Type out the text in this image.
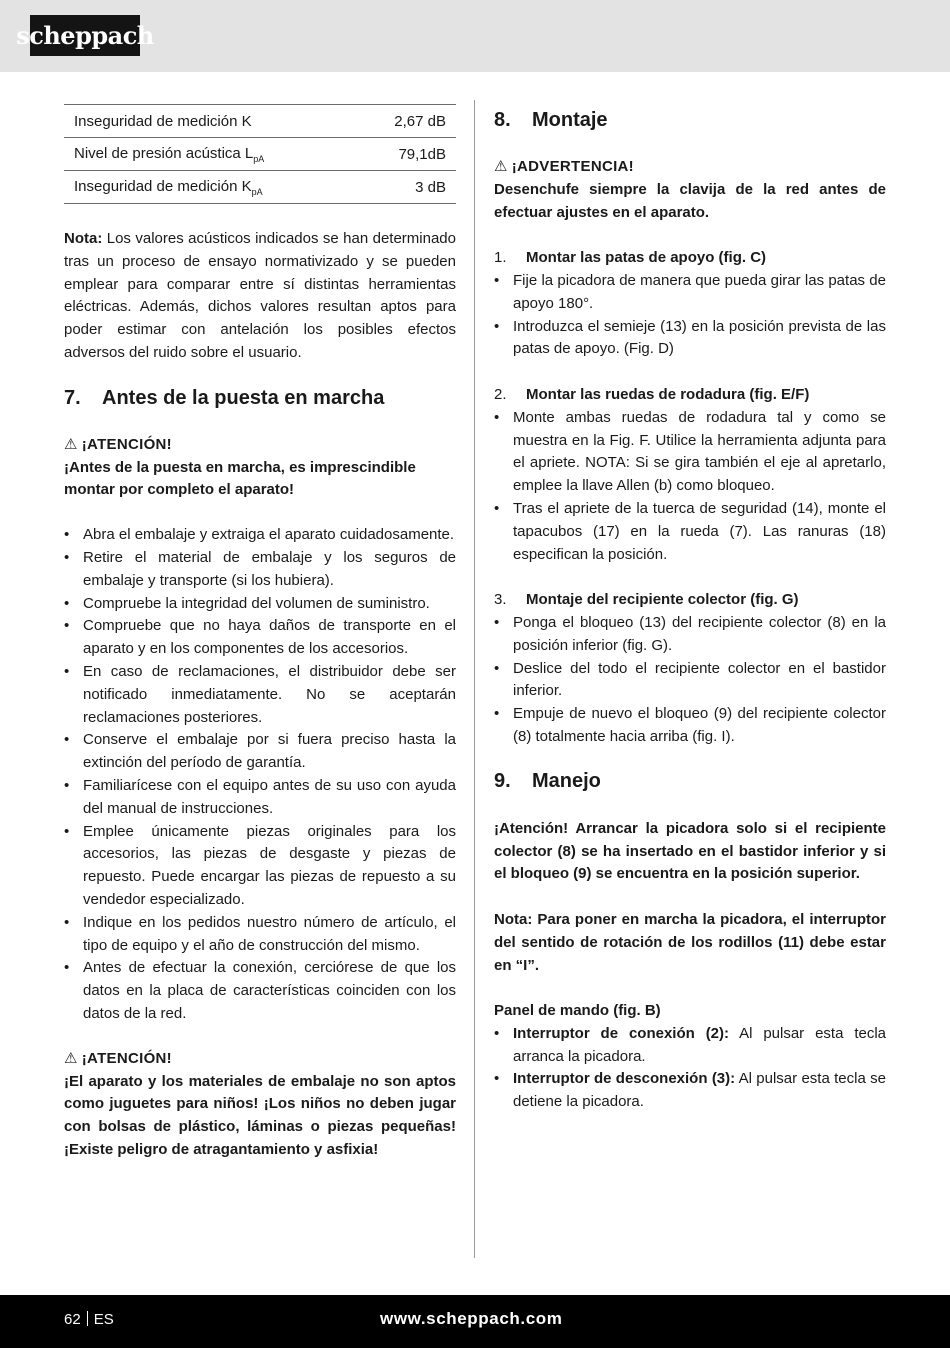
scheppach
Inseguridad de medición K	2,67 dB
Nivel de presión acústica $L_{pA}$	79,1dB
Inseguridad de medición $K_{pA}$	3 dB

Nota: Los valores acústicos indicados se han determinado tras un proceso de ensayo normativizado y se pueden emplear para comparar entre sí distintas herramientas eléctricas. Además, dichos valores resultan aptos para poder estimar con antelación los posibles efectos adversos del ruido sobre el usuario.

7.	Antes de la puesta en marcha
⚠ ¡ATENCIÓN!

¡Antes de la puesta en marcha, es imprescindible montar por completo el aparato!

• Abra el embalaje y extraiga el aparato cuidadosamente.
• Retire el material de embalaje y los seguros de embalaje y transporte (si los hubiera).
• Compruebe la integridad del volumen de suministro.
• Compruebe que no haya daños de transporte en el aparato y en los componentes de los accesorios.
• En caso de reclamaciones, el distribuidor debe ser notificado inmediatamente. No se aceptarán reclamaciones posteriores.
• Conserve el embalaje por si fuera preciso hasta la extinción del período de garantía.
• Familiarícese con el equipo antes de su uso con ayuda del manual de instrucciones.
• Emplee únicamente piezas originales para los accesorios, las piezas de desgaste y piezas de repuesto. Puede encargar las piezas de repuesto a su vendedor especializado.
• Indique en los pedidos nuestro número de artículo, el tipo de equipo y el año de construcción del mismo.
• Antes de efectuar la conexión, cerciórese de que los datos en la placa de características coinciden con los datos de la red.
⚠ ¡ATENCIÓN!

¡El aparato y los materiales de embalaje no son aptos como juguetes para niños! ¡Los niños no deben jugar con bolsas de plástico, láminas o piezas pequeñas! ¡Existe peligro de atragantamiento y asfixia!

8.	Montaje
⚠ ¡ADVERTENCIA!

Desenchufe siempre la clavija de la red antes de efectuar ajustes en el aparato.

1.	Montar las patas de apoyo (fig. C)
• Fije la picadora de manera que pueda girar las patas de apoyo 180°.
• Introduzca el semieje (13) en la posición prevista de las patas de apoyo. (Fig. D)
2.	Montar las ruedas de rodadura (fig. E/F)
• Monte ambas ruedas de rodadura tal y como se muestra en la Fig. F. Utilice la herramienta adjunta para el apriete. NOTA: Si se gira también el eje al apretarlo, emplee la llave Allen (b) como bloqueo.
• Tras el apriete de la tuerca de seguridad (14), monte el tapacubos (17) en la rueda (7). Las ranuras (18) especifican la posición.
3.	Montaje del recipiente colector (fig. G)
• Ponga el bloqueo (13) del recipiente colector (8) en la posición inferior (fig. G).
• Deslice del todo el recipiente colector en el bastidor inferior.
• Empuje de nuevo el bloqueo (9) del recipiente colector (8) totalmente hacia arriba (fig. I).
9.	Manejo

¡Atención! Arrancar la picadora solo si el recipiente colector (8) se ha insertado en el bastidor inferior y si el bloqueo (9) se encuentra en la posición superior.

Nota: Para poner en marcha la picadora, el interruptor del sentido de rotación de los rodillos (11) debe estar en “I”.

Panel de mando (fig. B)

• Interruptor de conexión (2): Al pulsar esta tecla arranca la picadora.
• Interruptor de desconexión (3): Al pulsar esta tecla se detiene la picadora.
62 ES	www.scheppach.com
